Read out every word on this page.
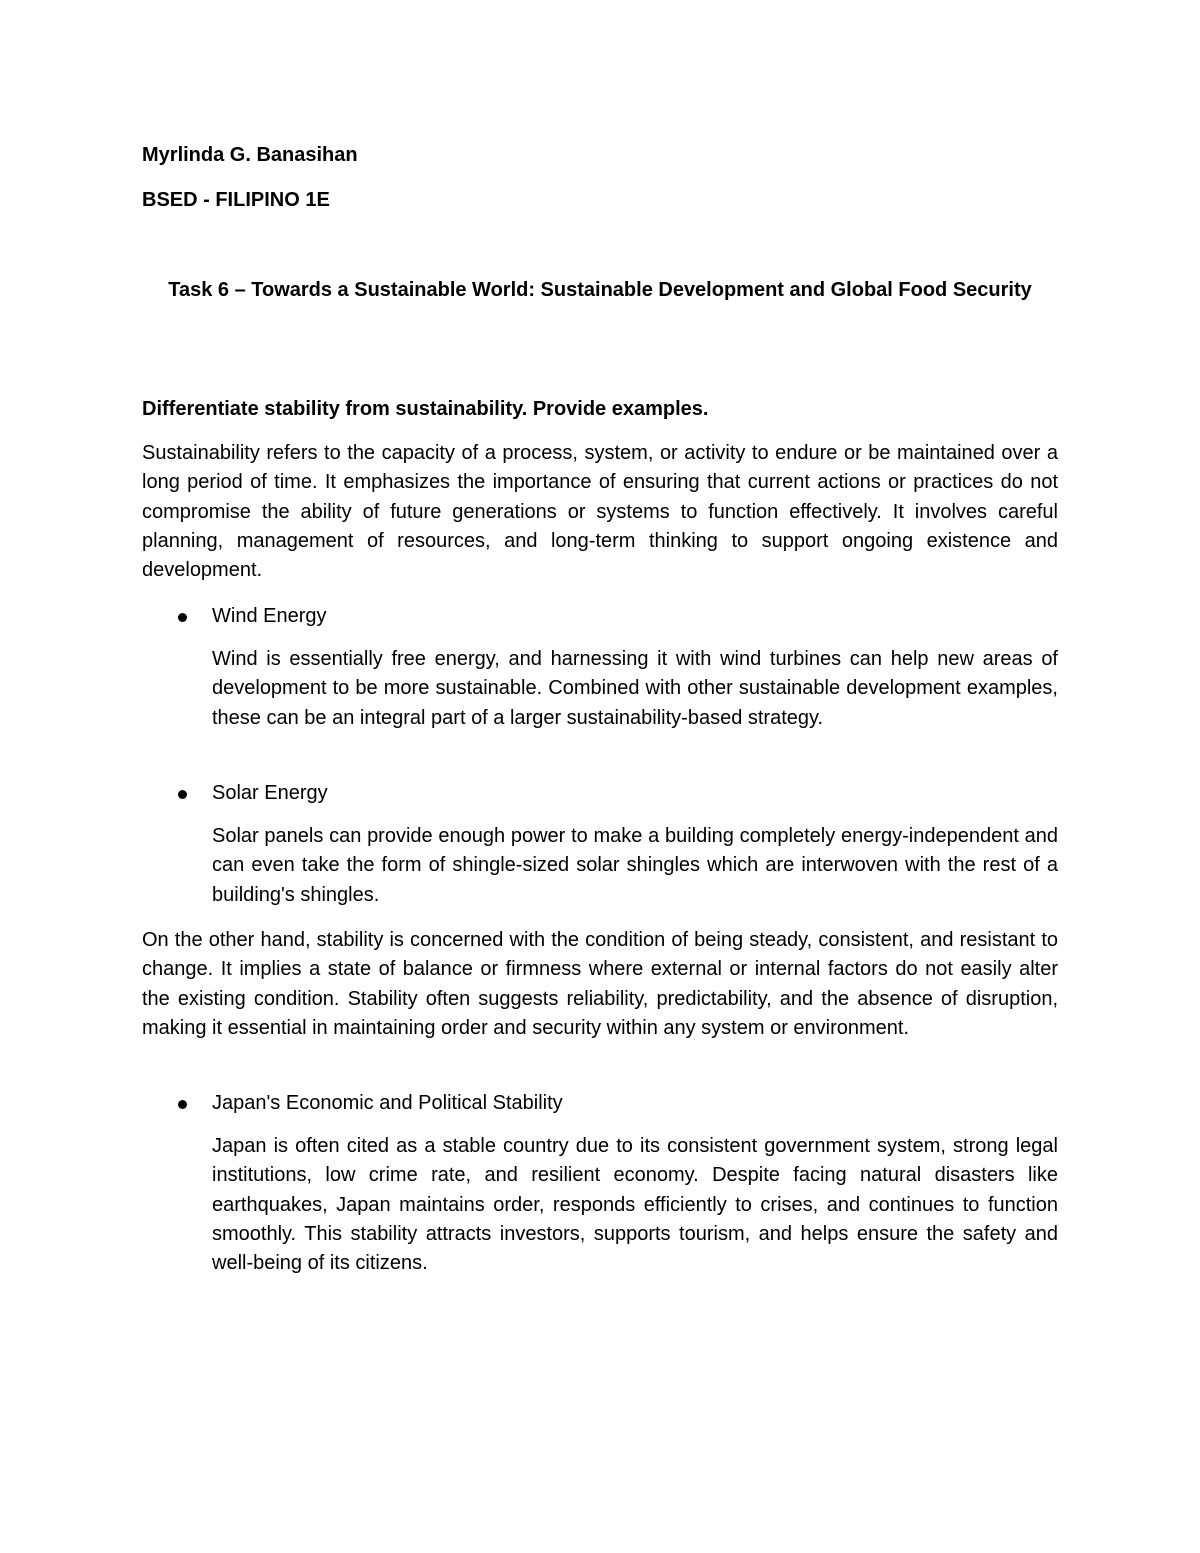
Myrlinda G. Banasihan

BSED - FILIPINO 1E

Task 6 – Towards a Sustainable World: Sustainable Development and Global Food Security

Differentiate stability from sustainability. Provide examples.

Sustainability refers to the capacity of a process, system, or activity to endure or be maintained over a long period of time. It emphasizes the importance of ensuring that current actions or practices do not compromise the ability of future generations or systems to function effectively. It involves careful planning, management of resources, and long-term thinking to support ongoing existence and development.

Wind Energy

Wind is essentially free energy, and harnessing it with wind turbines can help new areas of development to be more sustainable. Combined with other sustainable development examples, these can be an integral part of a larger sustainability-based strategy.

Solar Energy

Solar panels can provide enough power to make a building completely energy-independent and can even take the form of shingle-sized solar shingles which are interwoven with the rest of a building's shingles.

On the other hand, stability is concerned with the condition of being steady, consistent, and resistant to change. It implies a state of balance or firmness where external or internal factors do not easily alter the existing condition. Stability often suggests reliability, predictability, and the absence of disruption, making it essential in maintaining order and security within any system or environment.

Japan's Economic and Political Stability

Japan is often cited as a stable country due to its consistent government system, strong legal institutions, low crime rate, and resilient economy. Despite facing natural disasters like earthquakes, Japan maintains order, responds efficiently to crises, and continues to function smoothly. This stability attracts investors, supports tourism, and helps ensure the safety and well-being of its citizens.
